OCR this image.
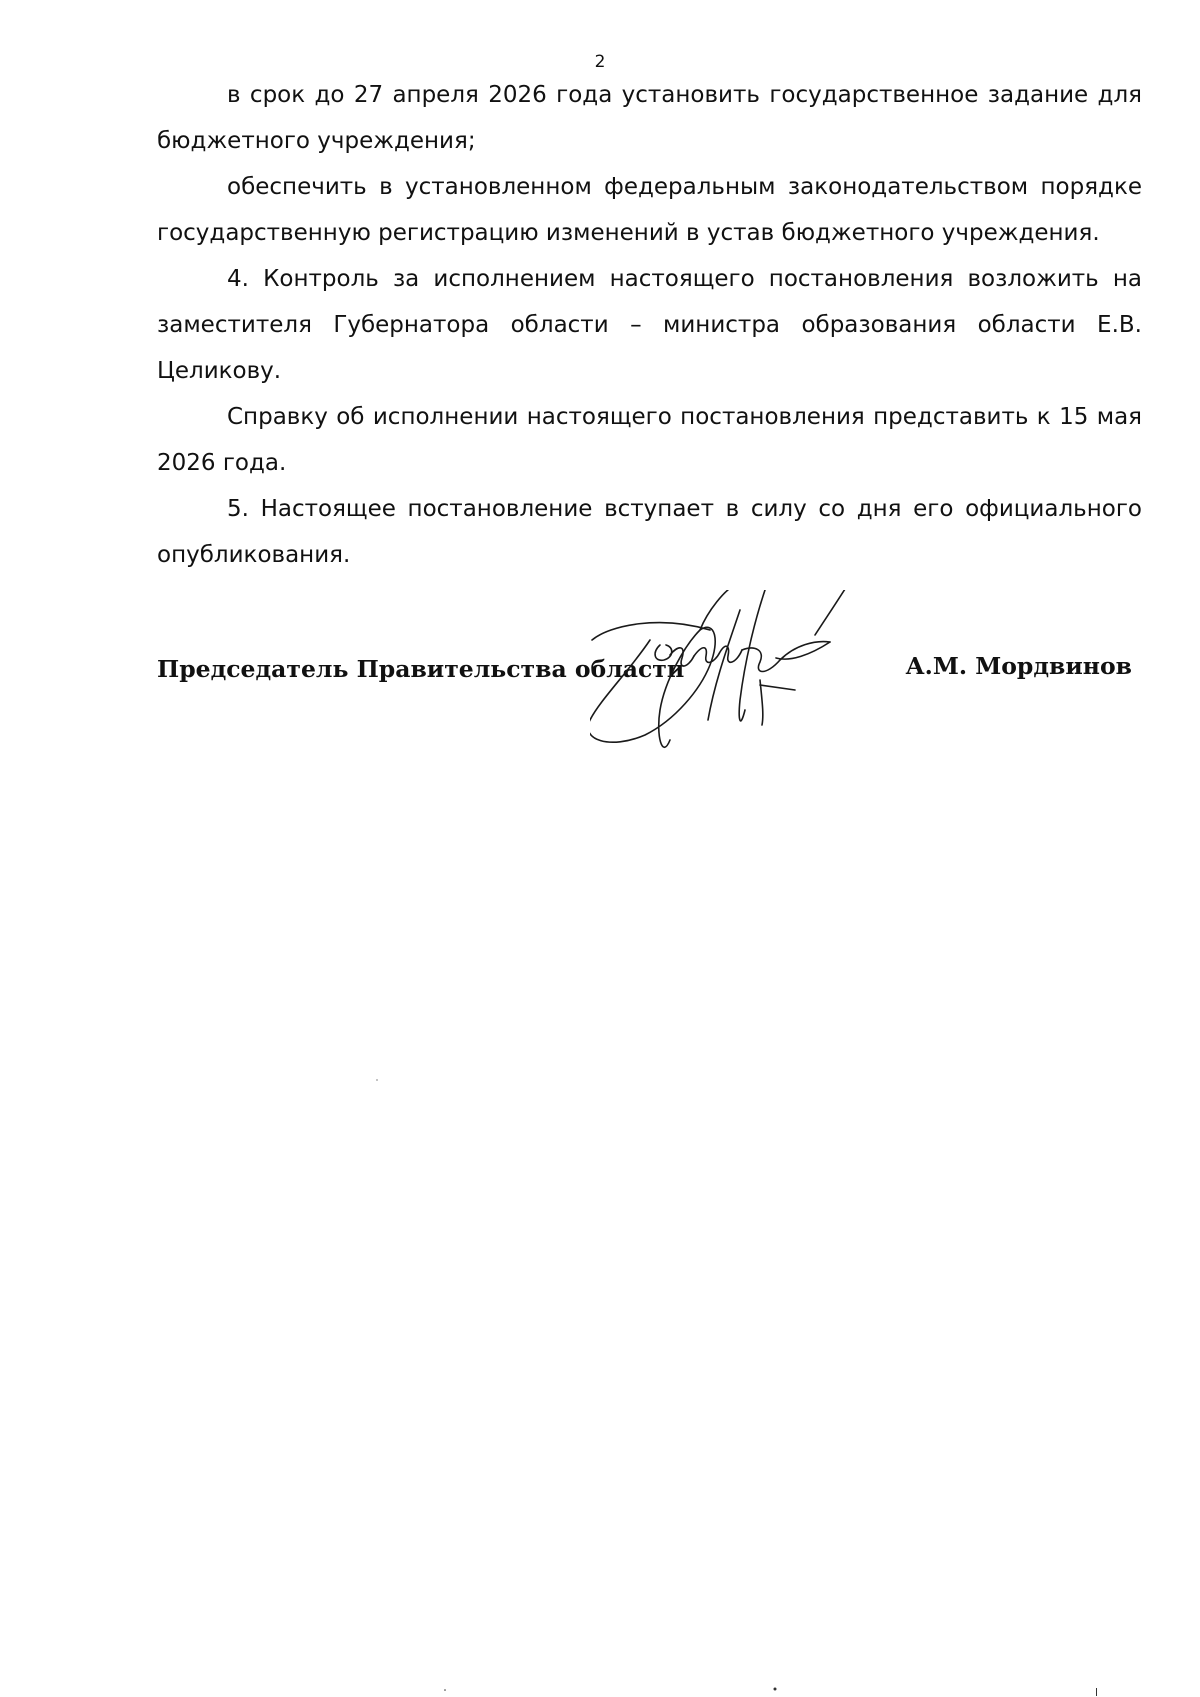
2

в срок до 27 апреля 2026 года установить государственное задание для бюджетного учреждения;

обеспечить в установленном федеральным законодательством порядке государственную регистрацию изменений в устав бюджетного учреждения.

4. Контроль за исполнением настоящего постановления возложить на заместителя Губернатора области – министра образования области Е.В. Целикову.

Справку об исполнении настоящего постановления представить к 15 мая 2026 года.

5. Настоящее постановление вступает в силу со дня его официального опубликования.

Председатель Правительства области	А.М. Мордвинов
